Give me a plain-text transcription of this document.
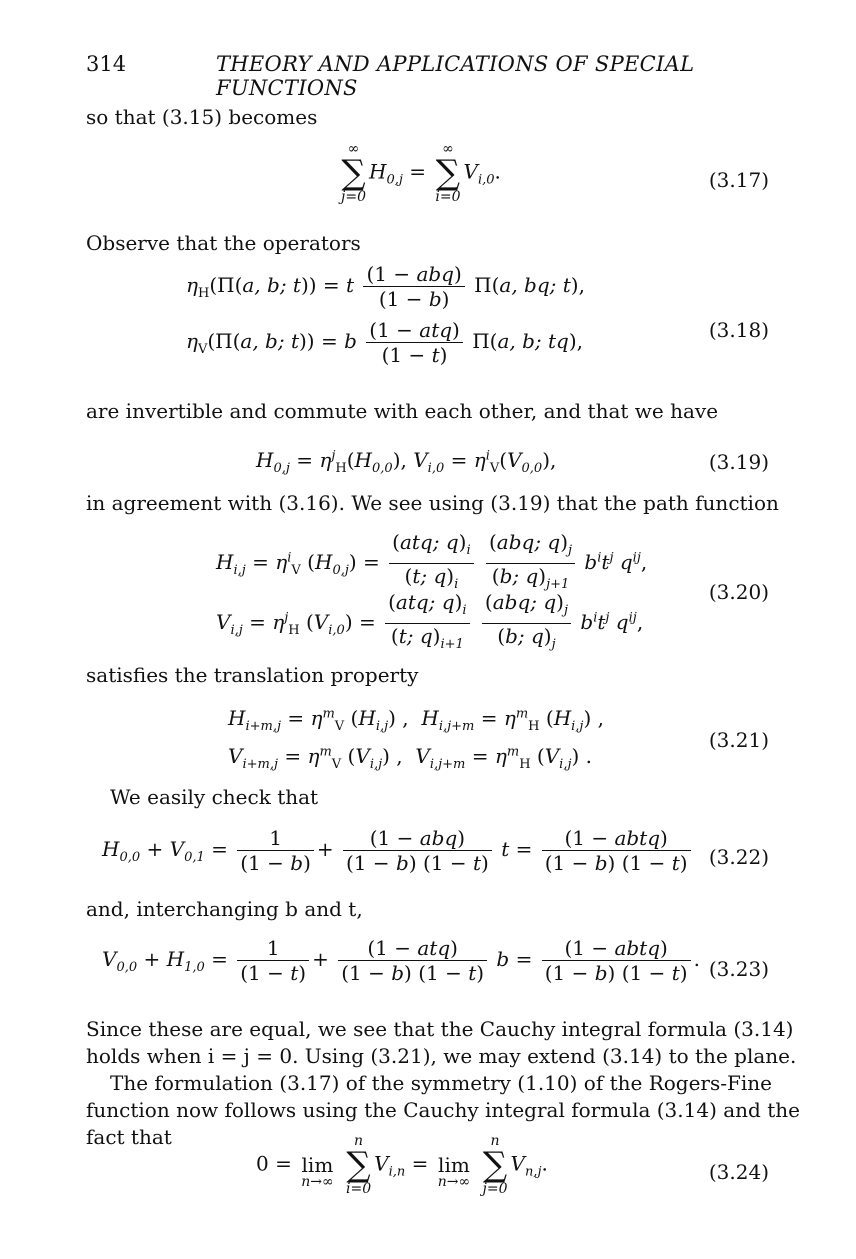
314	THEORY AND APPLICATIONS OF SPECIAL FUNCTIONS
so that (3.15) becomes
∞
∑
j=0
$H_{0,j}$ =
∞
∑
i=0
$V_{i,0}$.	(3.17)
Observe that the operators
$\eta_H(\Pi(a$, b; t)) = t $\frac{\text{(1 − abq)}}{(1 - b)} \Pi(a$, bq; t),
$\eta_V(\Pi(a$, b; t)) = b $\frac{\text{(1 − atq)}}{(1 - t)} \Pi(a$, b; tq),	(3.18)
are invertible and commute with each other, and that we have
$H_{0,j} = \eta^j_H(H_{0,0})$, $V_{i,0} = \eta^i_V(V_{0,0})$,	(3.19)
in agreement with (3.16). We see using (3.19) that the path function
$H_{i,j} = \eta^i_V$ $(H_{0,j}) = \frac{(atq; q)_i}{(t; q)_i}$
$\frac{(abq; q)_j}{(b; q)_{j+1}} b^it^j$ $q^{ij}$,
$V_{i,j} = \eta^j_H$ $(V_{i,0}) = \frac{(atq; q)_i}{(t; q)_{i+1}}$
$\frac{(abq; q)_j}{(b; q)_j} b^it^j$ $q^{ij}$,
(3.20)
satisfies the translation property
$H_{i+m,j} = \eta^m_V$ $(H_{i,j})$ ,  $H_{i,j+m} = \eta^m_H$ $(H_{i,j})$ ,
$V_{i+m,j} = \eta^m_V$ $(V_{i,j})$ ,  $V_{i,j+m} = \eta^m_H$ $(V_{i,j})$ .
(3.21)
We easily check that
$H_{0,0} + V_{0,1} = \frac{1}{(1 - b)} + \frac{\text{(1 − abq)}}{(1 - b) (1 - t)}$ $t = \frac{\text{(1 − abtq)}}{(1 - b) (1 - t)} (3.22)$
and, interchanging b and t,
$V_{0,0} + H_{1,0} = \frac{1}{(1 - t)} + \frac{\text{(1 − atq)}}{(1 - b) (1 - t)}$ $b = \frac{\text{(1 − abtq)}}{(1 - b) (1 - t)}$ . (3.23)
Since these are equal, we see that the Cauchy integral formula (3.14)
holds when i = j = 0. Using (3.21), we may extend (3.14) to the plane.
The formulation (3.17) of the symmetry (1.10) of the Rogers-Fine
function now follows using the Cauchy integral formula (3.14) and the
fact that
0 =
lim
n→∞

n
∑
i=0
$V_{i,n}$ =
lim
n→∞

n
∑
j=0
$V_{n,j}$.	(3.24)
